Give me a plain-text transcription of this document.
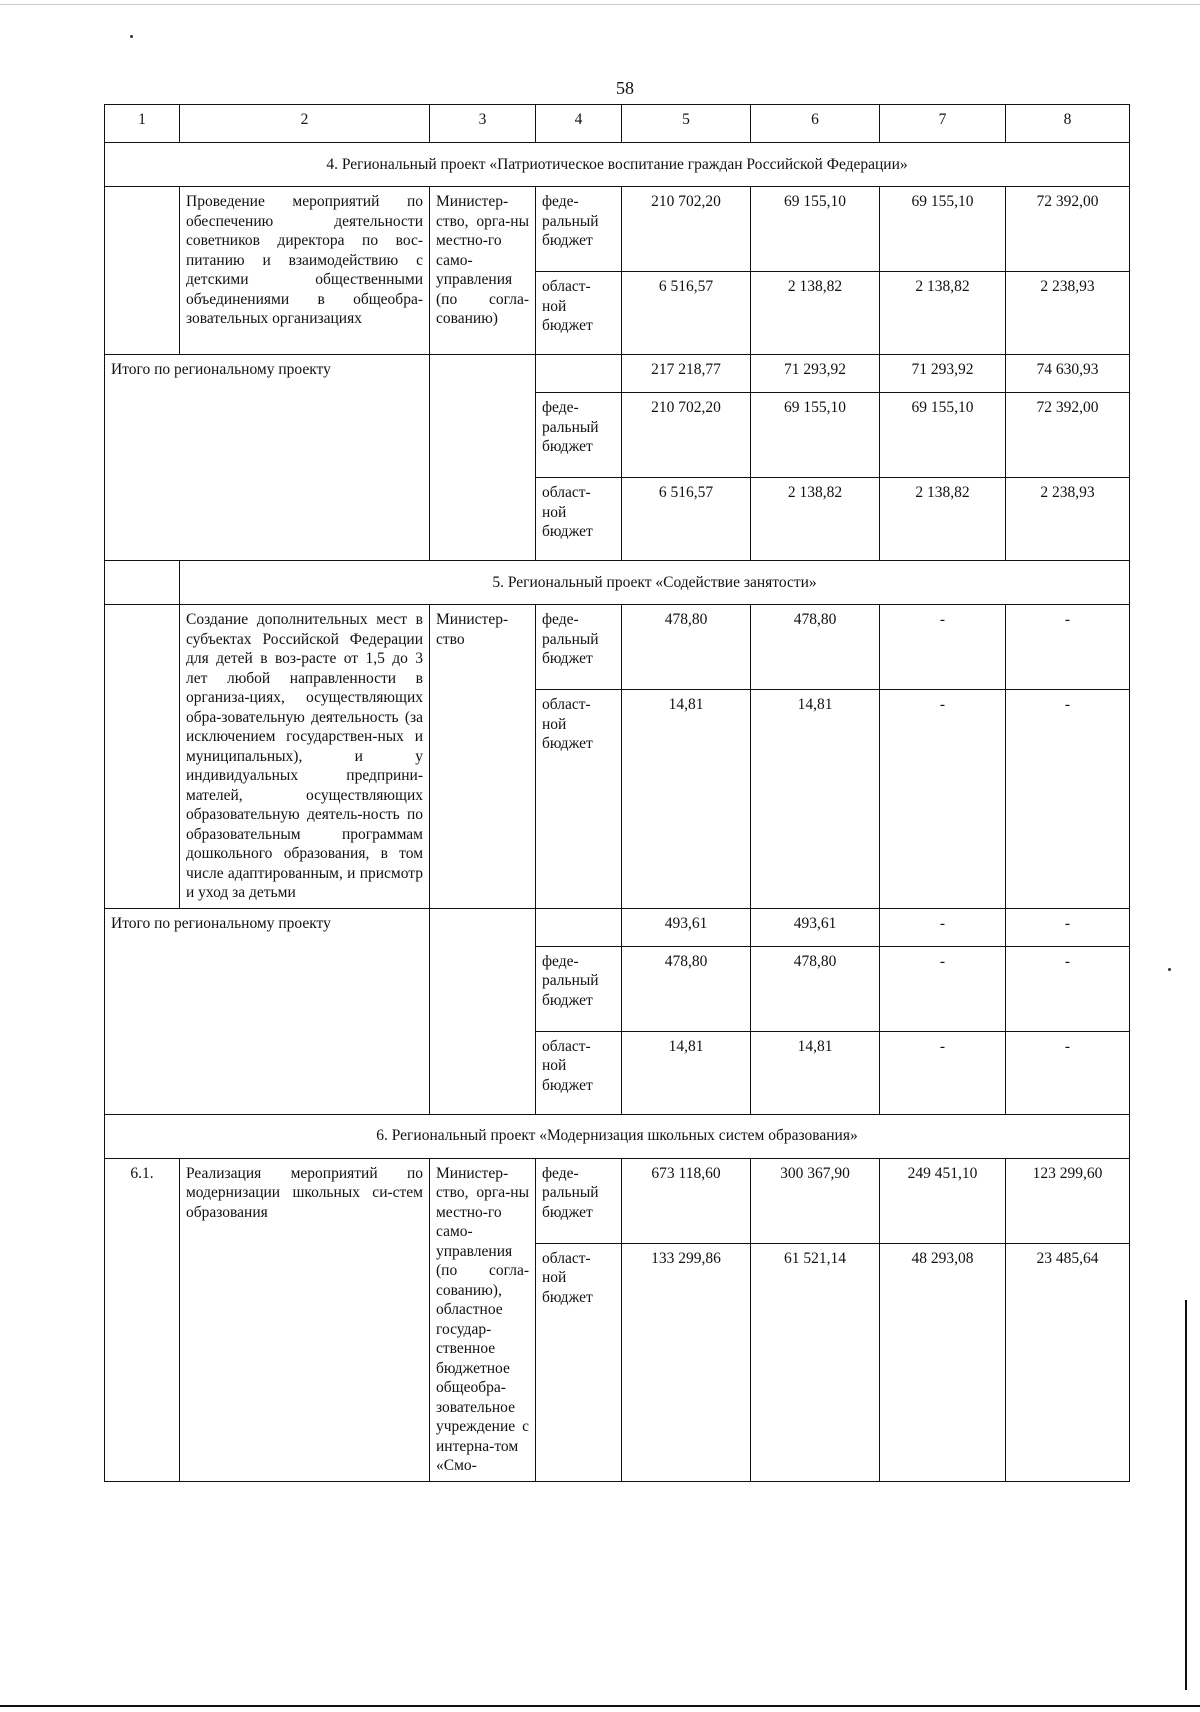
58
1	2	3	4	5	6	7	8
4. Региональный проект «Патриотическое воспитание граждан Российской Федерации»							
	Проведение мероприятий по обеспечению деятельности советников директора по вос-питанию и взаимодействию с детскими общественными объединениями в общеобра-зовательных организациях	Министер-ство, орга-ны местно-го само-управления (по согла-сованию)	феде-ральный бюджет	210 702,20	69 155,10	69 155,10	72 392,00
			област-ной бюджет	6 516,57	2 138,82	2 138,82	2 238,93
Итого по региональному проекту				217 218,77	71 293,92	71 293,92	74 630,93
			феде-ральный бюджет	210 702,20	69 155,10	69 155,10	72 392,00
			област-ной бюджет	6 516,57	2 138,82	2 138,82	2 238,93
	5. Региональный проект «Содействие занятости»						
	Создание дополнительных мест в субъектах Российской Федерации для детей в воз-расте от 1,5 до 3 лет любой направленности в организа-циях, осуществляющих обра-зовательную деятельность (за исключением государствен-ных и муниципальных), и у индивидуальных предприни-мателей, осуществляющих образовательную деятель-ность по образовательным программам дошкольного образования, в том числе адаптированным, и присмотр и уход за детьми	Министер-ство	феде-ральный бюджет	478,80	478,80	-	-
			област-ной бюджет	14,81	14,81	-	-
Итого по региональному проекту				493,61	493,61	-	-
			феде-ральный бюджет	478,80	478,80	-	-
			област-ной бюджет	14,81	14,81	-	-
6. Региональный проект «Модернизация школьных систем образования»							
6.1.	Реализация мероприятий по модернизации школьных си-стем образования	Министер-ство, орга-ны местно-го само-управления (по согла-сованию), областное государ-ственное бюджетное общеобра-зовательное учреждение с интерна-том «Смо-	феде-ральный бюджет	673 118,60	300 367,90	249 451,10	123 299,60
			област-ной бюджет	133 299,86	61 521,14	48 293,08	23 485,64
